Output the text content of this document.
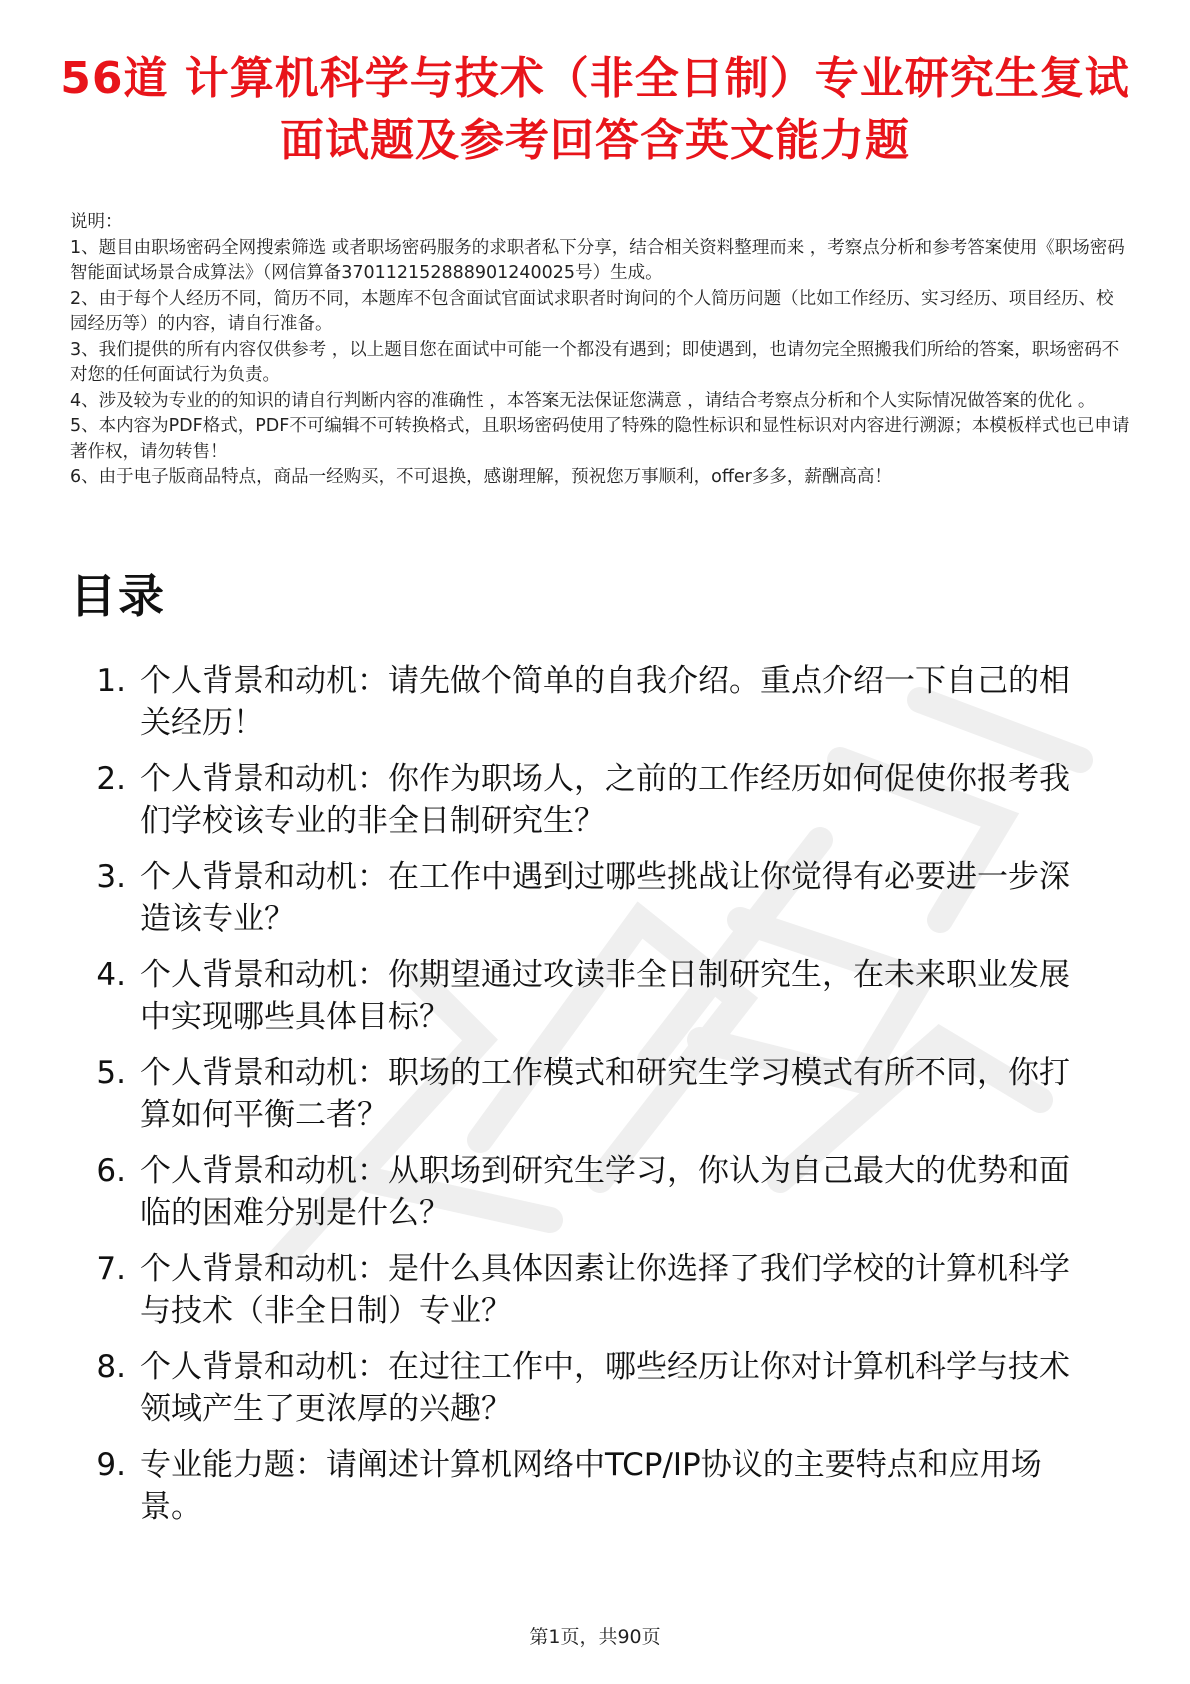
56道 计算机科学与技术（非全日制）专业研究生复试面试题及参考回答含英文能力题
说明：
1、题目由职场密码全网搜索筛选 或者职场密码服务的求职者私下分享，结合相关资料整理而来 ，考察点分析和参考答案使用《职场密码智能面试场景合成算法》（网信算备370112152888901240025号）生成。
2、由于每个人经历不同，简历不同，本题库不包含面试官面试求职者时询问的个人简历问题（比如工作经历、实习经历、项目经历、校园经历等）的内容，请自行准备。
3、我们提供的所有内容仅供参考 ，以上题目您在面试中可能一个都没有遇到；即使遇到，也请勿完全照搬我们所给的答案，职场密码不对您的任何面试行为负责。
4、涉及较为专业的的知识的请自行判断内容的准确性 ，本答案无法保证您满意 ，请结合考察点分析和个人实际情况做答案的优化 。
5、本内容为PDF格式，PDF不可编辑不可转换格式，且职场密码使用了特殊的隐性标识和显性标识对内容进行溯源；本模板样式也已申请著作权，请勿转售！
6、由于电子版商品特点，商品一经购买，不可退换，感谢理解，预祝您万事顺利，offer多多，薪酬高高！
目录
1. 个人背景和动机：请先做个简单的自我介绍。重点介绍一下自己的相关经历！
2. 个人背景和动机：你作为职场人，之前的工作经历如何促使你报考我们学校该专业的非全日制研究生？
3. 个人背景和动机：在工作中遇到过哪些挑战让你觉得有必要进一步深造该专业？
4. 个人背景和动机：你期望通过攻读非全日制研究生，在未来职业发展中实现哪些具体目标？
5. 个人背景和动机：职场的工作模式和研究生学习模式有所不同，你打算如何平衡二者？
6. 个人背景和动机：从职场到研究生学习，你认为自己最大的优势和面临的困难分别是什么？
7. 个人背景和动机：是什么具体因素让你选择了我们学校的计算机科学与技术（非全日制）专业？
8. 个人背景和动机：在过往工作中，哪些经历让你对计算机科学与技术领域产生了更浓厚的兴趣？
9. 专业能力题：请阐述计算机网络中TCP/IP协议的主要特点和应用场景。
第1页，共90页
